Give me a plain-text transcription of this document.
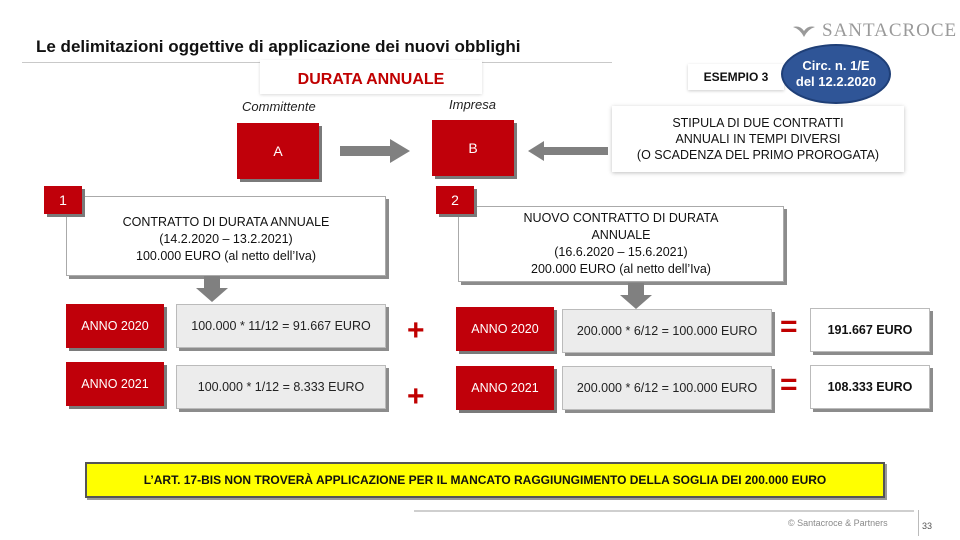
Le delimitazioni oggettive di applicazione dei nuovi obblighi
SANTACROCE
DURATA ANNUALE
Committente	Impresa
ESEMPIO 3
Circ. n. 1/E
del 12.2.2020
A	B
STIPULA DI DUE CONTRATTI
ANNUALI IN TEMPI DIVERSI
(O SCADENZA DEL PRIMO PROROGATA)
CONTRATTO DI DURATA ANNUALE
(14.2.2020 – 13.2.2021)
100.000 EURO (al netto dell’Iva)
1
NUOVO CONTRATTO DI DURATA
ANNUALE
(16.6.2020 – 15.6.2021)
200.000 EURO (al netto dell’Iva)
2
ANNO 2020	100.000 * 11/12 = 91.667 EURO	+	ANNO 2020	200.000 * 6/12 = 100.000 EURO =	191.667 EURO
ANNO 2021	100.000 * 1/12 = 8.333 EURO	+	ANNO 2021	200.000 * 6/12 = 100.000 EURO =	108.333 EURO
L’ART. 17-BIS NON TROVERÀ APPLICAZIONE PER IL MANCATO RAGGIUNGIMENTO DELLA SOGLIA DEI 200.000 EURO
© Santacroce & Partners	33
